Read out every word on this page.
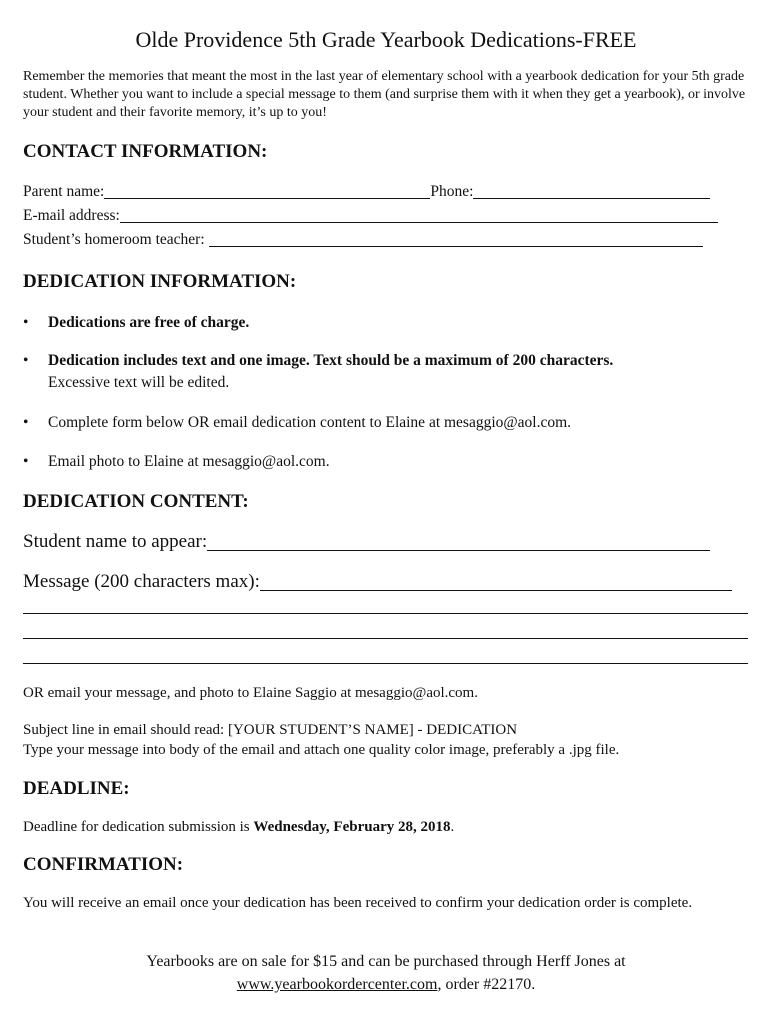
Olde Providence 5th Grade Yearbook Dedications-FREE
Remember the memories that meant the most in the last year of elementary school with a yearbook dedication for your 5th grade student. Whether you want to include a special message to them (and surprise them with it when they get a yearbook), or involve your student and their favorite memory, it’s up to you!
CONTACT INFORMATION:
Parent name:	Phone:
E-mail address:
Student’s homeroom teacher:
DEDICATION INFORMATION:
• Dedications are free of charge.
• Dedication includes text and one image. Text should be a maximum of 200 characters.
Excessive text will be edited.
• Complete form below OR email dedication content to Elaine at mesaggio@aol.com.
• Email photo to Elaine at mesaggio@aol.com.
DEDICATION CONTENT:
Student name to appear:
Message (200 characters max):
OR email your message, and photo to Elaine Saggio at mesaggio@aol.com.
Subject line in email should read: [YOUR STUDENT’S NAME] - DEDICATION
Type your message into body of the email and attach one quality color image, preferably a .jpg file.
DEADLINE:
Deadline for dedication submission is Wednesday, February 28, 2018.
CONFIRMATION:
You will receive an email once your dedication has been received to confirm your dedication order is complete.
Yearbooks are on sale for $15 and can be purchased through Herff Jones at
www.yearbookordercenter.com, order #22170.
